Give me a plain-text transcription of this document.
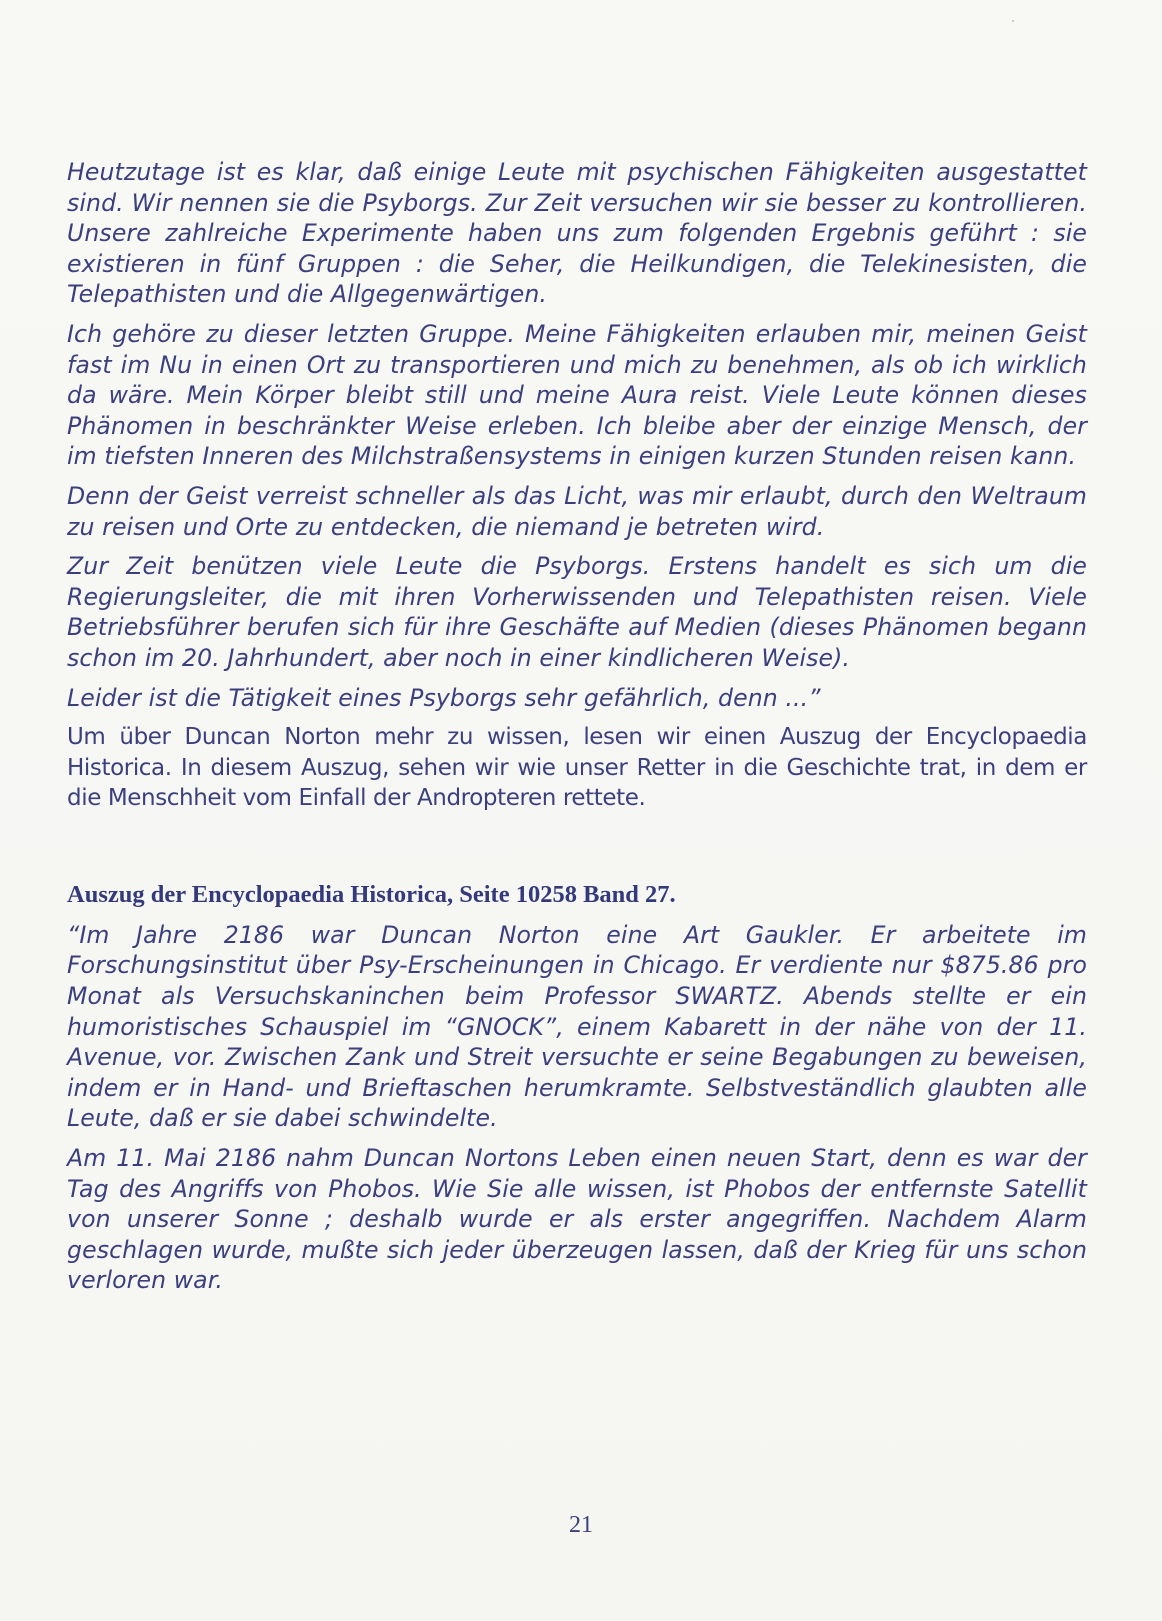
Heutzutage ist es klar, daß einige Leute mit psychischen Fähigkeiten ausgestattet sind. Wir nennen sie die Psyborgs. Zur Zeit versuchen wir sie besser zu kontrollieren. Unsere zahlreiche Experimente haben uns zum folgenden Ergebnis geführt : sie existieren in fünf Gruppen : die Seher, die Heilkundigen, die Telekinesisten, die Telepathisten und die Allgegenwärtigen.

Ich gehöre zu dieser letzten Gruppe. Meine Fähigkeiten erlauben mir, meinen Geist fast im Nu in einen Ort zu transportieren und mich zu benehmen, als ob ich wirklich da wäre. Mein Körper bleibt still und meine Aura reist. Viele Leute können dieses Phänomen in beschränkter Weise erleben. Ich bleibe aber der einzige Mensch, der im tiefsten Inneren des Milchstraßensystems in einigen kurzen Stunden reisen kann.

Denn der Geist verreist schneller als das Licht, was mir erlaubt, durch den Weltraum zu reisen und Orte zu entdecken, die niemand je betreten wird.

Zur Zeit benützen viele Leute die Psyborgs. Erstens handelt es sich um die Regierungsleiter, die mit ihren Vorherwissenden und Telepathisten reisen. Viele Betriebsführer berufen sich für ihre Geschäfte auf Medien (dieses Phänomen begann schon im 20. Jahrhundert, aber noch in einer kindlicheren Weise).

Leider ist die Tätigkeit eines Psyborgs sehr gefährlich, denn ...”

Um über Duncan Norton mehr zu wissen, lesen wir einen Auszug der Encyclopaedia Historica. In diesem Auszug, sehen wir wie unser Retter in die Geschichte trat, in dem er die Menschheit vom Einfall der Andropteren rettete.

Auszug der Encyclopaedia Historica, Seite 10258 Band 27.

“Im Jahre 2186 war Duncan Norton eine Art Gaukler. Er arbeitete im Forschungsinstitut über Psy-Erscheinungen in Chicago. Er verdiente nur $875.86 pro Monat als Versuchskaninchen beim Professor SWARTZ. Abends stellte er ein humoristisches Schauspiel im “GNOCK”, einem Kabarett in der nähe von der 11. Avenue, vor. Zwischen Zank und Streit versuchte er seine Begabungen zu beweisen, indem er in Hand- und Brieftaschen herumkramte. Selbstveständlich glaubten alle Leute, daß er sie dabei schwindelte.

Am 11. Mai 2186 nahm Duncan Nortons Leben einen neuen Start, denn es war der Tag des Angriffs von Phobos. Wie Sie alle wissen, ist Phobos der entfernste Satellit von unserer Sonne ; deshalb wurde er als erster angegriffen. Nachdem Alarm geschlagen wurde, mußte sich jeder überzeugen lassen, daß der Krieg für uns schon verloren war.

21
